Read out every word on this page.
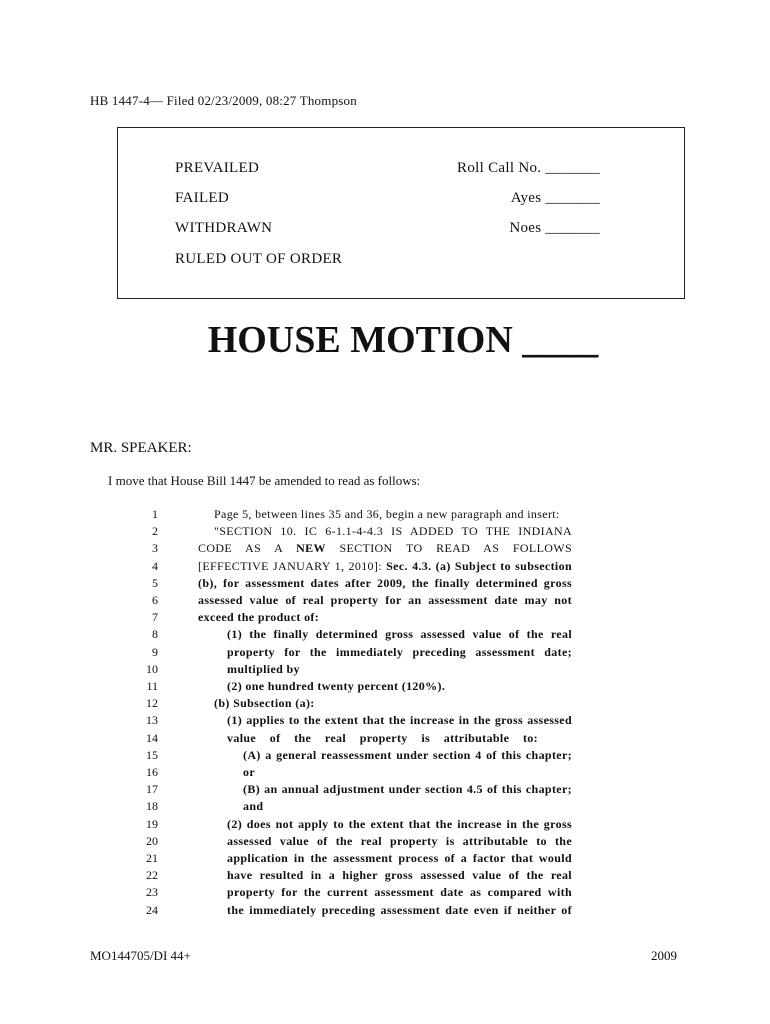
HB 1447-4— Filed 02/23/2009, 08:27 Thompson
PREVAILED
FAILED
WITHDRAWN
RULED OUT OF ORDER
Roll Call No. _______
Ayes _______
Noes _______
HOUSE MOTION ____
MR. SPEAKER:
I move that House Bill 1447 be amended to read as follows:
1	Page 5, between lines 35 and 36, begin a new paragraph and insert:
2	"SECTION 10. IC 6-1.1-4-4.3 IS ADDED TO THE INDIANA
3	CODE AS A NEW SECTION TO READ AS FOLLOWS
4	[EFFECTIVE JANUARY 1, 2010]: Sec. 4.3. (a) Subject to subsection
5	(b), for assessment dates after 2009, the finally determined gross
6	assessed value of real property for an assessment date may not
7	exceed the product of:
8	(1) the finally determined gross assessed value of the real
9	property for the immediately preceding assessment date;
10	multiplied by
11	(2) one hundred twenty percent (120%).
12	(b) Subsection (a):
13	(1) applies to the extent that the increase in the gross assessed
14	value of the real property is attributable to:
15	(A) a general reassessment under section 4 of this chapter;
16	or
17	(B) an annual adjustment under section 4.5 of this chapter;
18	and
19	(2) does not apply to the extent that the increase in the gross
20	assessed value of the real property is attributable to the
21	application in the assessment process of a factor that would
22	have resulted in a higher gross assessed value of the real
23	property for the current assessment date as compared with
24	the immediately preceding assessment date even if neither of
MO144705/DI 44+	2009
